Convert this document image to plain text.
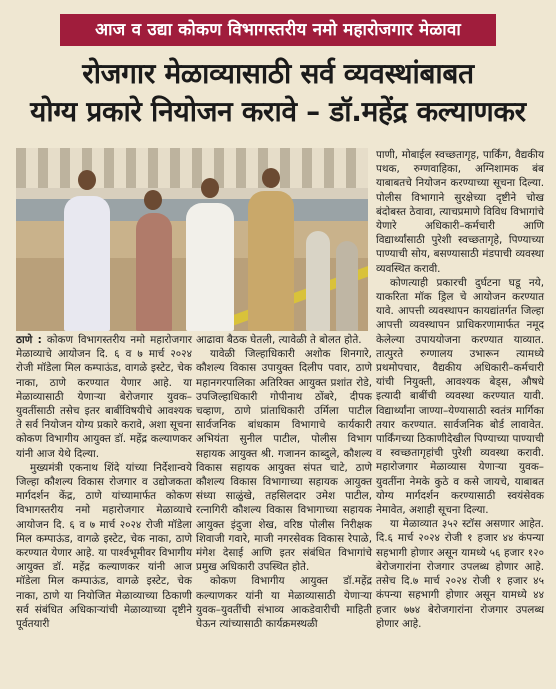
आज व उद्या कोकण विभागस्तरीय नमो महारोजगार मेळावा
रोजगार मेळाव्यासाठी सर्व व्यवस्थांबाबत
योग्य प्रकारे नियोजन करावे – डॉ.महेंद्र कल्याणकर

ठाणे : कोकण विभागस्तरीय नमो महारोजगार मेळाव्याचे आयोजन दि. ६ व ७ मार्च २०२४ रोजी मॉडेला मिल कम्पाऊंड, वागळे इस्टेट, चेक नाका, ठाणे करण्यात येणार आहे. या मेळाव्यासाठी येणाऱ्या बेरोजगार युवक–युवतींसाठी तसेच इतर बाबींविषयीचे आवश्यक ते सर्व नियोजन योग्य प्रकारे करावे, अशा सूचना कोकण विभागीय आयुक्त डॉ. महेंद्र कल्याणकर यांनी आज येथे दिल्या.

मुख्यमंत्री एकनाथ शिंदे यांच्या निर्देशान्वये जिल्हा कौशल्य विकास रोजगार व उद्योजकता मार्गदर्शन केंद्र, ठाणे यांच्यामार्फत कोकण विभागस्तरीय नमो महारोजगार मेळाव्याचे आयोजन दि. ६ व ७ मार्च २०२४ रोजी मॉडेला मिल कम्पाऊंड, वागळे इस्टेट, चेक नाका, ठाणे करण्यात येणार आहे. या पार्श्वभूमीवर विभागीय आयुक्त डॉ. महेंद्र कल्याणकर यांनी आज मॉडेला मिल कम्पाऊंड, वागळे इस्टेट, चेक नाका, ठाणे या नियोजित मेळाव्याच्या ठिकाणी सर्व संबंधित अधिकाऱ्यांची मेळाव्याच्या दृष्टीने पूर्वतयारी

आढावा बैठक घेतली, त्यावेळी ते बोलत होते.

यावेळी जिल्हाधिकारी अशोक शिनगारे, कौशल्य विकास उपायुक्त दिलीप पवार, ठाणे महानगरपालिका अतिरिक्त आयुक्त प्रशांत रोडे, उपजिल्हाधिकारी गोपीनाथ ठोंबरे, दीपक चव्हाण, ठाणे प्रांताधिकारी उर्मिला पाटील सार्वजनिक बांधकाम विभागाचे कार्यकारी अभियंता सुनील पाटील, पोलीस विभाग सहायक आयुक्त श्री. गजानन काब्दुले, कौशल्य विकास सहायक आयुक्त संपत चाटे, ठाणे कौशल्य विकास विभागाच्या सहायक आयुक्त संध्या साळुंखे, तहसिलदार उमेश पाटील, रत्नागिरी कौशल्य विकास विभागाच्या सहायक आयुक्त इंदुजा शेख, वरिष्ठ पोलीस निरीक्षक शिवाजी गवारे, माजी नगरसेवक विकास रेपाळे, मंगेश देसाई आणि इतर संबंधित विभागांचे प्रमुख अधिकारी उपस्थित होते.

कोकण विभागीय आयुक्त डॉ.महेंद्र कल्याणकर यांनी या मेळाव्यासाठी येणाऱ्या युवक–युवतींची संभाव्य आकडेवारीची माहिती घेऊन त्यांच्यासाठी कार्यक्रमस्थळी

पाणी, मोबाईल स्वच्छतागृह, पार्किंग, वैद्यकीय पथक, रुग्णवाहिका, अग्निशामक बंब याबाबतचे नियोजन करण्याच्या सूचना दिल्या. पोलीस विभागाने सुरक्षेच्या दृष्टीने चोख बंदोबस्त ठेवावा, त्याचप्रमाणे विविध विभागांचे येणारे अधिकारी–कर्मचारी आणि विद्यार्थ्यांसाठी पुरेशी स्वच्छतागृहे, पिण्याच्या पाण्याची सोय, बसण्यासाठी मंडपाची व्यवस्था व्यवस्थित करावी.

कोणत्याही प्रकारची दुर्घटना घडू नये, याकरिता मॉक ड्रिल चे आयोजन करण्यात यावे. आपत्ती व्यवस्थापन कायद्यांतर्गत जिल्हा आपत्ती व्यवस्थापन प्राधिकरणामार्फत नमूद केलेल्या उपाययोजना करण्यात याव्यात. तात्पुरते रुग्णालय उभारून त्यामध्ये प्रथमोपचार, वैद्यकीय अधिकारी–कर्मचारी यांची नियुक्ती, आवश्यक बेड्स, औषधे इत्यादी बाबींची व्यवस्था करण्यात यावी. विद्यार्थ्यांना जाण्या–येण्यासाठी स्वतंत्र मार्गिका तयार करण्यात. सार्वजनिक बोर्ड लावावेत. पार्किंगच्या ठिकाणीदेखील पिण्याच्या पाण्याची व स्वच्छतागृहांची पुरेशी व्यवस्था करावी. महारोजगार मेळाव्यास येणाऱ्या युवक–युवतींना नेमके कुठे व कसे जायचे, याबाबत योग्य मार्गदर्शन करण्यासाठी स्वयंसेवक नेमावेत, अशाही सूचना दिल्या.

या मेळाव्यात ३५२ स्टॉस असणार आहेत. दि.६ मार्च २०२४ रोजी १ हजार ४४ कंपन्या सहभागी होणार असून यामध्ये ५६ हजार १२० बेरोजगारांना रोजगार उपलब्ध होणार आहे. तसेच दि.७ मार्च २०२४ रोजी १ हजार ४५ कंपन्या सहभागी होणार असून यामध्ये ४४ हजार ७७४ बेरोजगारांना रोजगार उपलब्ध होणार आहे.
